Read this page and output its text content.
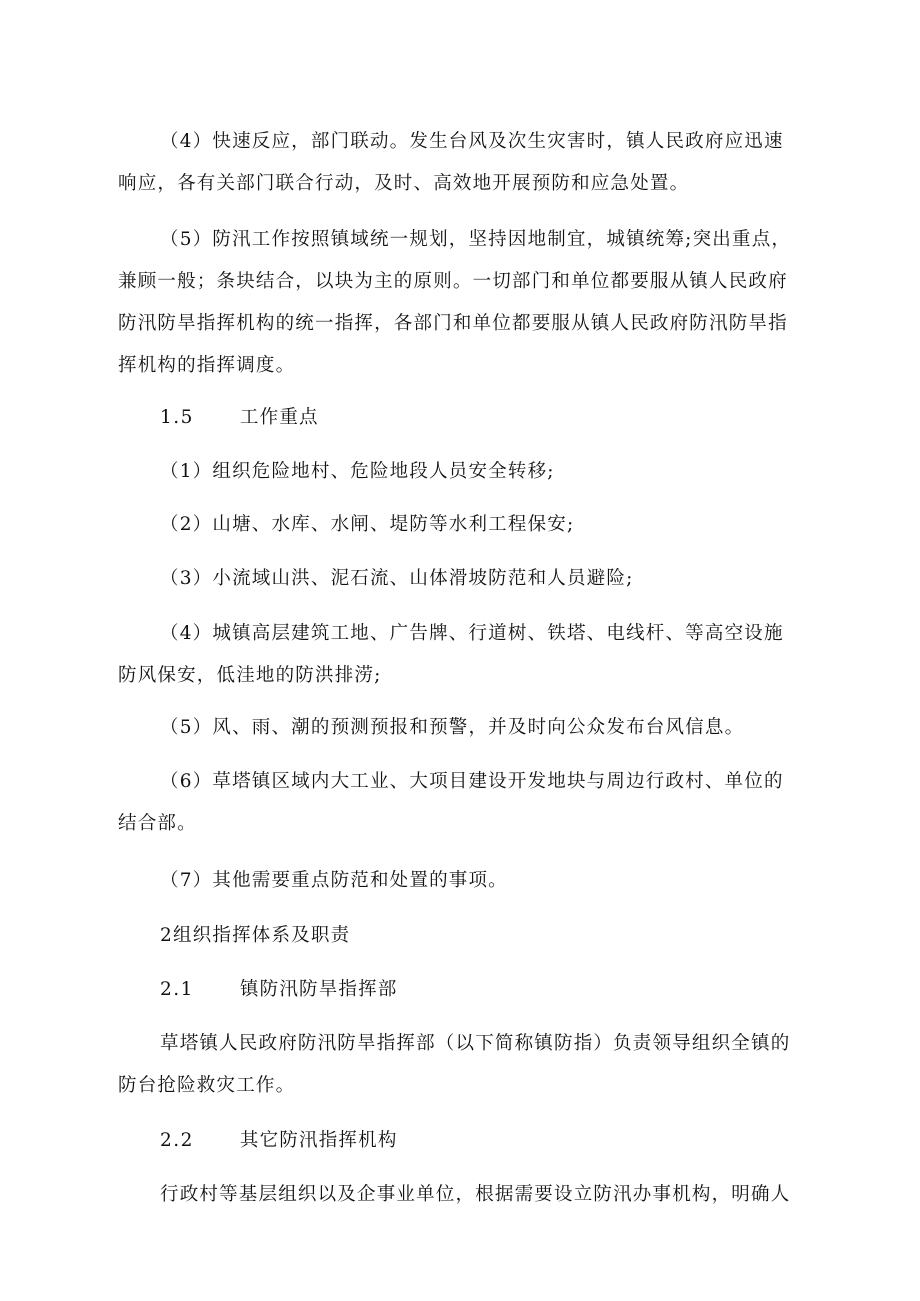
（4）快速反应，部门联动。发生台风及次生灾害时，镇人民政府应迅速
响应，各有关部门联合行动，及时、高效地开展预防和应急处置。
（5）防汛工作按照镇域统一规划，坚持因地制宜，城镇统筹;突出重点，
兼顾一般；条块结合，以块为主的原则。一切部门和单位都要服从镇人民政府
防汛防旱指挥机构的统一指挥，各部门和单位都要服从镇人民政府防汛防旱指
挥机构的指挥调度。
1.5 工作重点
（1）组织危险地村、危险地段人员安全转移;
（2）山塘、水库、水闸、堤防等水利工程保安;
（3）小流域山洪、泥石流、山体滑坡防范和人员避险;
（4）城镇高层建筑工地、广告牌、行道树、铁塔、电线杆、等高空设施
防风保安，低洼地的防洪排涝;
（5）风、雨、潮的预测预报和预警，并及时向公众发布台风信息。
（6）草塔镇区域内大工业、大项目建设开发地块与周边行政村、单位的
结合部。
（7）其他需要重点防范和处置的事项。
2组织指挥体系及职责
2.1 镇防汛防旱指挥部
草塔镇人民政府防汛防旱指挥部（以下简称镇防指）负责领导组织全镇的
防台抢险救灾工作。
2.2 其它防汛指挥机构
行政村等基层组织以及企事业单位，根据需要设立防汛办事机构，明确人
